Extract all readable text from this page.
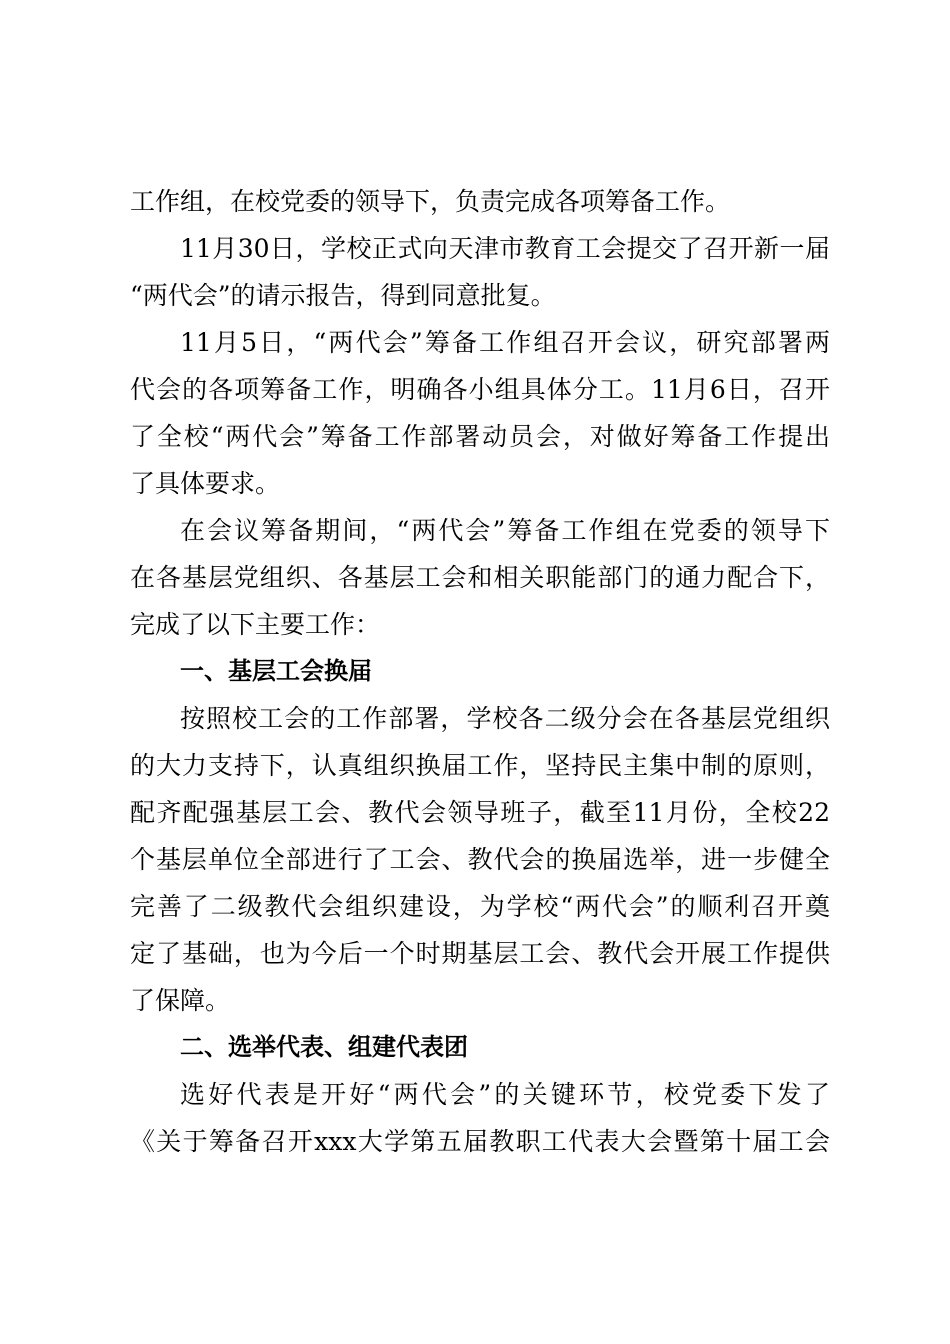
工作组，在校党委的领导下，负责完成各项筹备工作。
11月30日，学校正式向天津市教育工会提交了召开新一届
“两代会”的请示报告，得到同意批复。
11月5日，“两代会”筹备工作组召开会议，研究部署两
代会的各项筹备工作，明确各小组具体分工。11月6日，召开
了全校“两代会”筹备工作部署动员会，对做好筹备工作提出
了具体要求。
在会议筹备期间，“两代会”筹备工作组在党委的领导下
在各基层党组织、各基层工会和相关职能部门的通力配合下，
完成了以下主要工作：
一、基层工会换届
按照校工会的工作部署，学校各二级分会在各基层党组织
的大力支持下，认真组织换届工作，坚持民主集中制的原则，
配齐配强基层工会、教代会领导班子，截至11月份，全校22
个基层单位全部进行了工会、教代会的换届选举，进一步健全
完善了二级教代会组织建设，为学校“两代会”的顺利召开奠
定了基础，也为今后一个时期基层工会、教代会开展工作提供
了保障。
二、选举代表、组建代表团
选好代表是开好“两代会”的关键环节，校党委下发了
《关于筹备召开xxx大学第五届教职工代表大会暨第十届工会
